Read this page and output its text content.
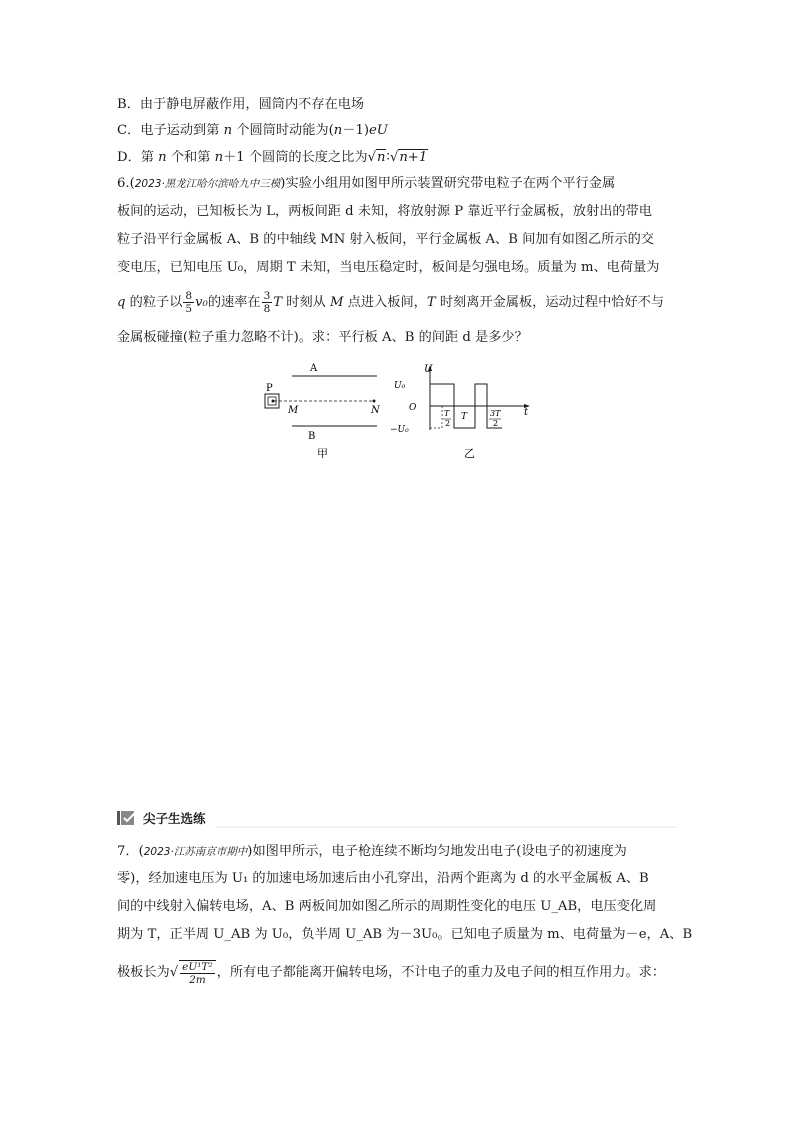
B．由于静电屏蔽作用，圆筒内不存在电场
C．电子运动到第 n 个圆筒时动能为(n－1)eU
D．第 n 个和第 n＋1 个圆筒的长度之比为√n∶√n+1
6.(2023·黑龙江哈尔滨哈九中三模)实验小组用如图甲所示装置研究带电粒子在两个平行金属
板间的运动，已知板长为 L，两板间距 d 未知，将放射源 P 靠近平行金属板，放射出的带电
粒子沿平行金属板 A、B 的中轴线 MN 射入板间，平行金属板 A、B 间加有如图乙所示的交
变电压，已知电压 U₀，周期 T 未知，当电压稳定时，板间是匀强电场。质量为 m、电荷量为
q 的粒子以 $\frac{8}{5} v_0$的速率在 $\frac{3}{8}$ T 时刻从 M 点进入板间，T 时刻离开金属板，运动过程中恰好不与
金属板碰撞(粒子重力忽略不计)。求：平行板 A、B 的间距 d 是多少？
A
B
P
M	N
甲
U
t
U₀
O
−U₀
T
2
T	3T
2
乙
尖子生选练
7．(2023·江苏南京市期中)如图甲所示，电子枪连续不断均匀地发出电子(设电子的初速度为
零)，经加速电压为 U₁ 的加速电场加速后由小孔穿出，沿两个距离为 d 的水平金属板 A、B
间的中线射入偏转电场，A、B 两板间加如图乙所示的周期性变化的电压 U_AB，电压变化周
期为 T，正半周 U_AB 为 U₀，负半周 U_AB 为－3U₀。已知电子质量为 m、电荷量为－e，A、B
极板长为√ $\frac{\text{eU¹T²}}{2m}$ ，所有电子都能离开偏转电场，不计电子的重力及电子间的相互作用力。求：
